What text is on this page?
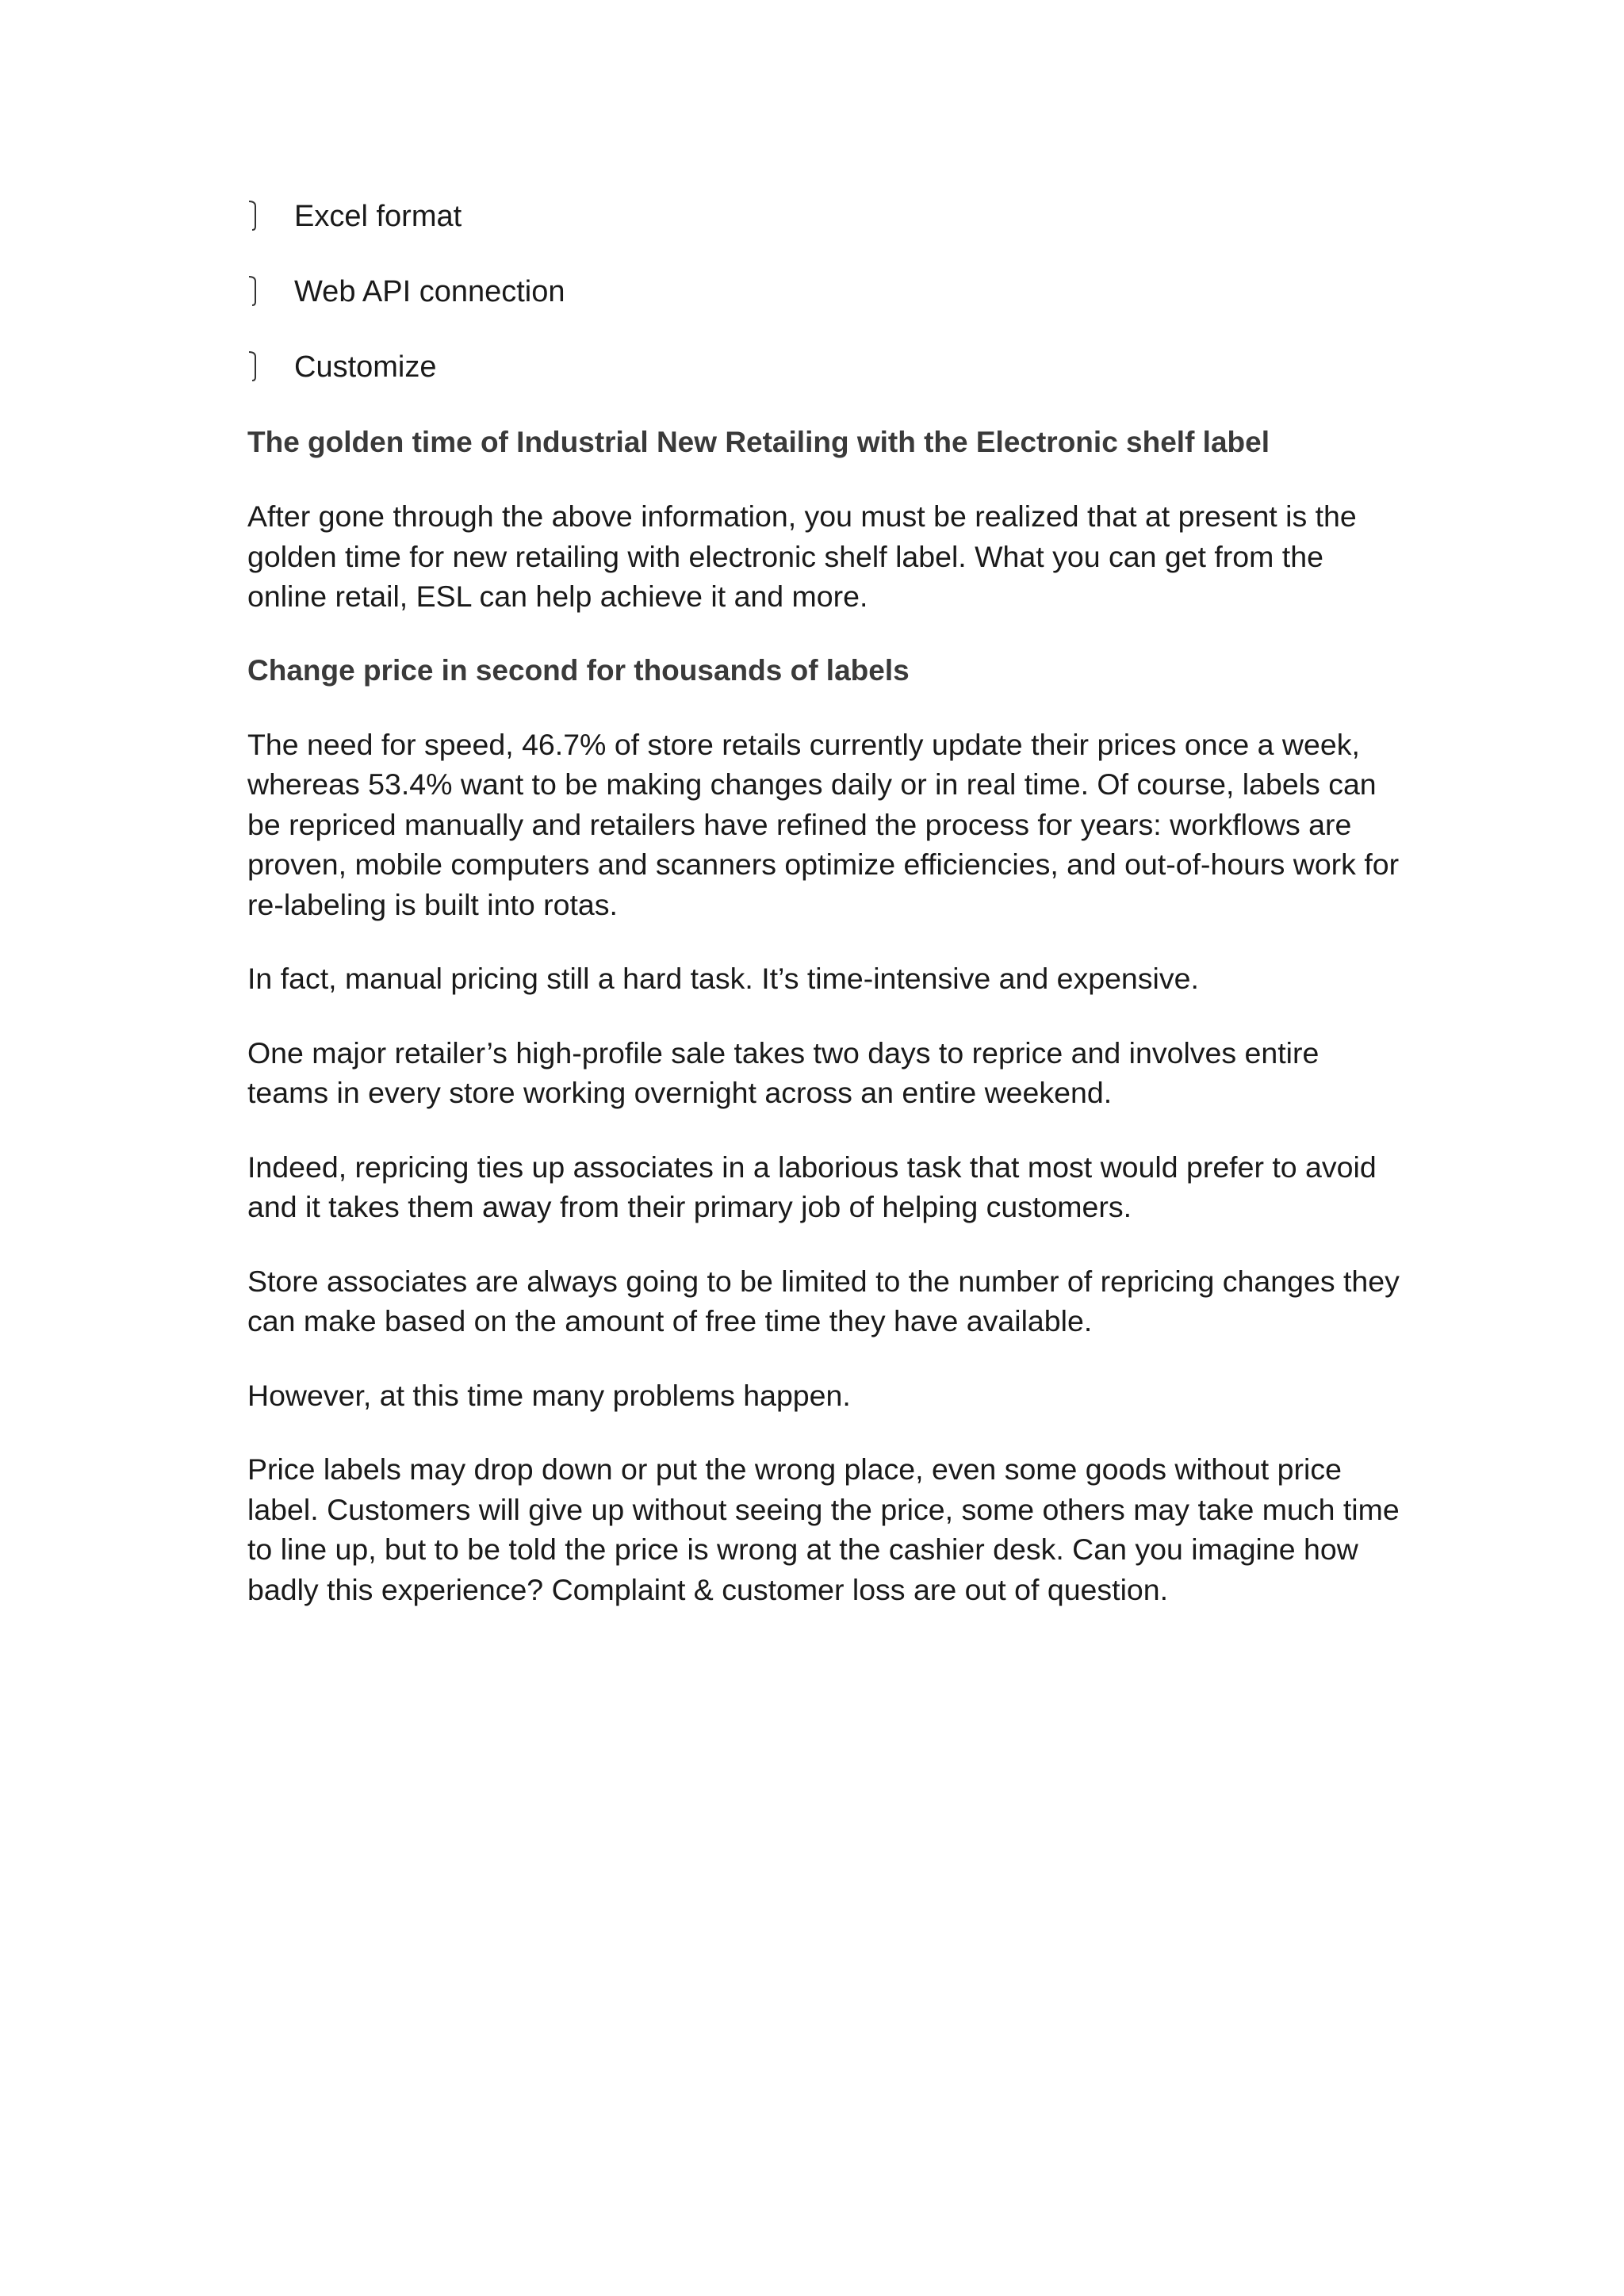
Excel format
Web API connection
Customize
The golden time of Industrial New Retailing with the Electronic shelf label

After gone through the above information, you must be realized that at present is the golden time for new retailing with electronic shelf label. What you can get from the online retail, ESL can help achieve it and more.

Change price in second for thousands of labels

The need for speed, 46.7% of store retails currently update their prices once a week, whereas 53.4% want to be making changes daily or in real time. Of course, labels can be repriced manually and retailers have refined the process for years: workflows are proven, mobile computers and scanners optimize efficiencies, and out-of-hours work for re-labeling is built into rotas.

In fact, manual pricing still a hard task. It’s time-intensive and expensive.

One major retailer’s high-profile sale takes two days to reprice and involves entire teams in every store working overnight across an entire weekend.

Indeed, repricing ties up associates in a laborious task that most would prefer to avoid and it takes them away from their primary job of helping customers.

Store associates are always going to be limited to the number of repricing changes they can make based on the amount of free time they have available.

However, at this time many problems happen.

Price labels may drop down or put the wrong place, even some goods without price label. Customers will give up without seeing the price, some others may take much time to line up, but to be told the price is wrong at the cashier desk. Can you imagine how badly this experience? Complaint & customer loss are out of question.
